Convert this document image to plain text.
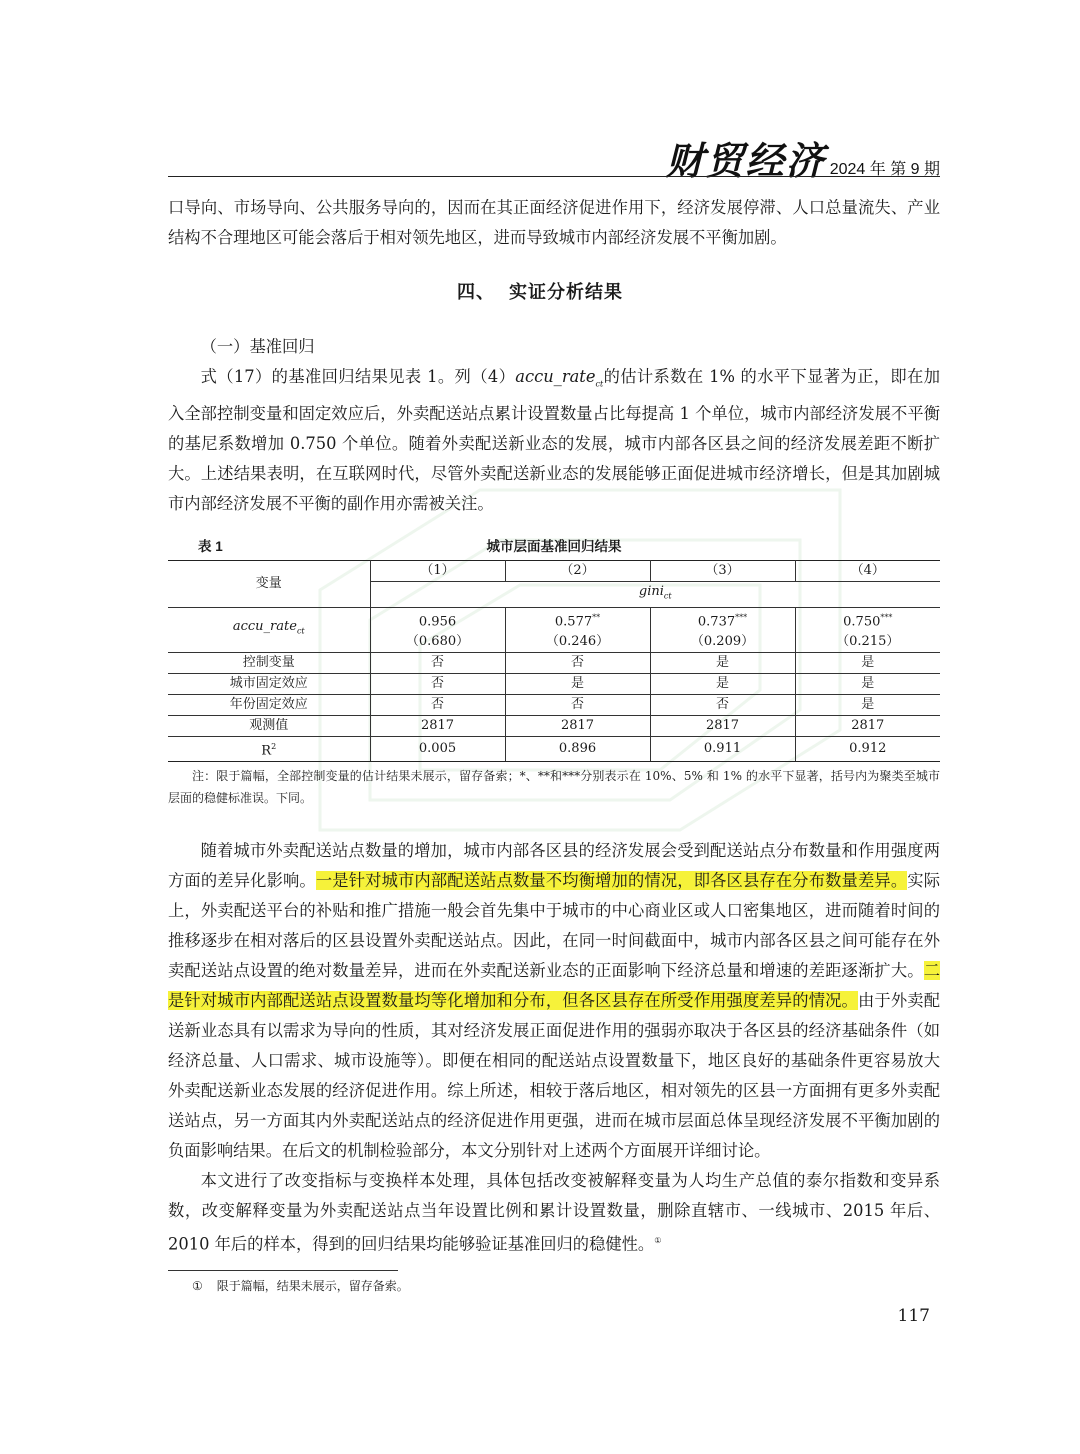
财贸经济 2024 年 第 9 期

口导向、市场导向、公共服务导向的，因而在其正面经济促进作用下，经济发展停滞、人口总量流失、产业结构不合理地区可能会落后于相对领先地区，进而导致城市内部经济发展不平衡加剧。

四、 实证分析结果

（一）基准回归

式（17）的基准回归结果见表 1。列（4）accu_rate$_{ct}$的估计系数在 1% 的水平下显著为正，即在加入全部控制变量和固定效应后，外卖配送站点累计设置数量占比每提高 1 个单位，城市内部经济发展不平衡的基尼系数增加 0.750 个单位。随着外卖配送新业态的发展，城市内部各区县之间的经济发展差距不断扩大。上述结果表明，在互联网时代，尽管外卖配送新业态的发展能够正面促进城市经济增长，但是其加剧城市内部经济发展不平衡的副作用亦需被关注。

表 1	城市层面基准回归结果
变量	（1）	（2）	（3）	（4）
	gini$_{ct}$
accu_rate$_{ct}$	0.956	0.577**	0.737***	0.750***
	（0.680）	（0.246）	（0.209）	（0.215）
控制变量	否	否	是	是
城市固定效应	否	是	是	是
年份固定效应	否	否	否	是
观测值	2817	2817	2817	2817
$R^2$	0.005	0.896	0.911	0.912
注：限于篇幅，全部控制变量的估计结果未展示，留存备索；*、**和***分别表示在 10%、5% 和 1% 的水平下显著，括号内为聚类至城市层面的稳健标准误。下同。

随着城市外卖配送站点数量的增加，城市内部各区县的经济发展会受到配送站点分布数量和作用强度两方面的差异化影响。一是针对城市内部配送站点数量不均衡增加的情况，即各区县存在分布数量差异。实际上，外卖配送平台的补贴和推广措施一般会首先集中于城市的中心商业区或人口密集地区，进而随着时间的推移逐步在相对落后的区县设置外卖配送站点。因此，在同一时间截面中，城市内部各区县之间可能存在外卖配送站点设置的绝对数量差异，进而在外卖配送新业态的正面影响下经济总量和增速的差距逐渐扩大。二是针对城市内部配送站点设置数量均等化增加和分布，但各区县存在所受作用强度差异的情况。由于外卖配送新业态具有以需求为导向的性质，其对经济发展正面促进作用的强弱亦取决于各区县的经济基础条件（如经济总量、人口需求、城市设施等）。即便在相同的配送站点设置数量下，地区良好的基础条件更容易放大外卖配送新业态发展的经济促进作用。综上所述，相较于落后地区，相对领先的区县一方面拥有更多外卖配送站点，另一方面其内外卖配送站点的经济促进作用更强，进而在城市层面总体呈现经济发展不平衡加剧的负面影响结果。在后文的机制检验部分，本文分别针对上述两个方面展开详细讨论。

本文进行了改变指标与变换样本处理，具体包括改变被解释变量为人均生产总值的泰尔指数和变异系数，改变解释变量为外卖配送站点当年设置比例和累计设置数量，删除直辖市、一线城市、2015 年后、2010 年后的样本，得到的回归结果均能够验证基准回归的稳健性。①

① 限于篇幅，结果未展示，留存备索。
117
